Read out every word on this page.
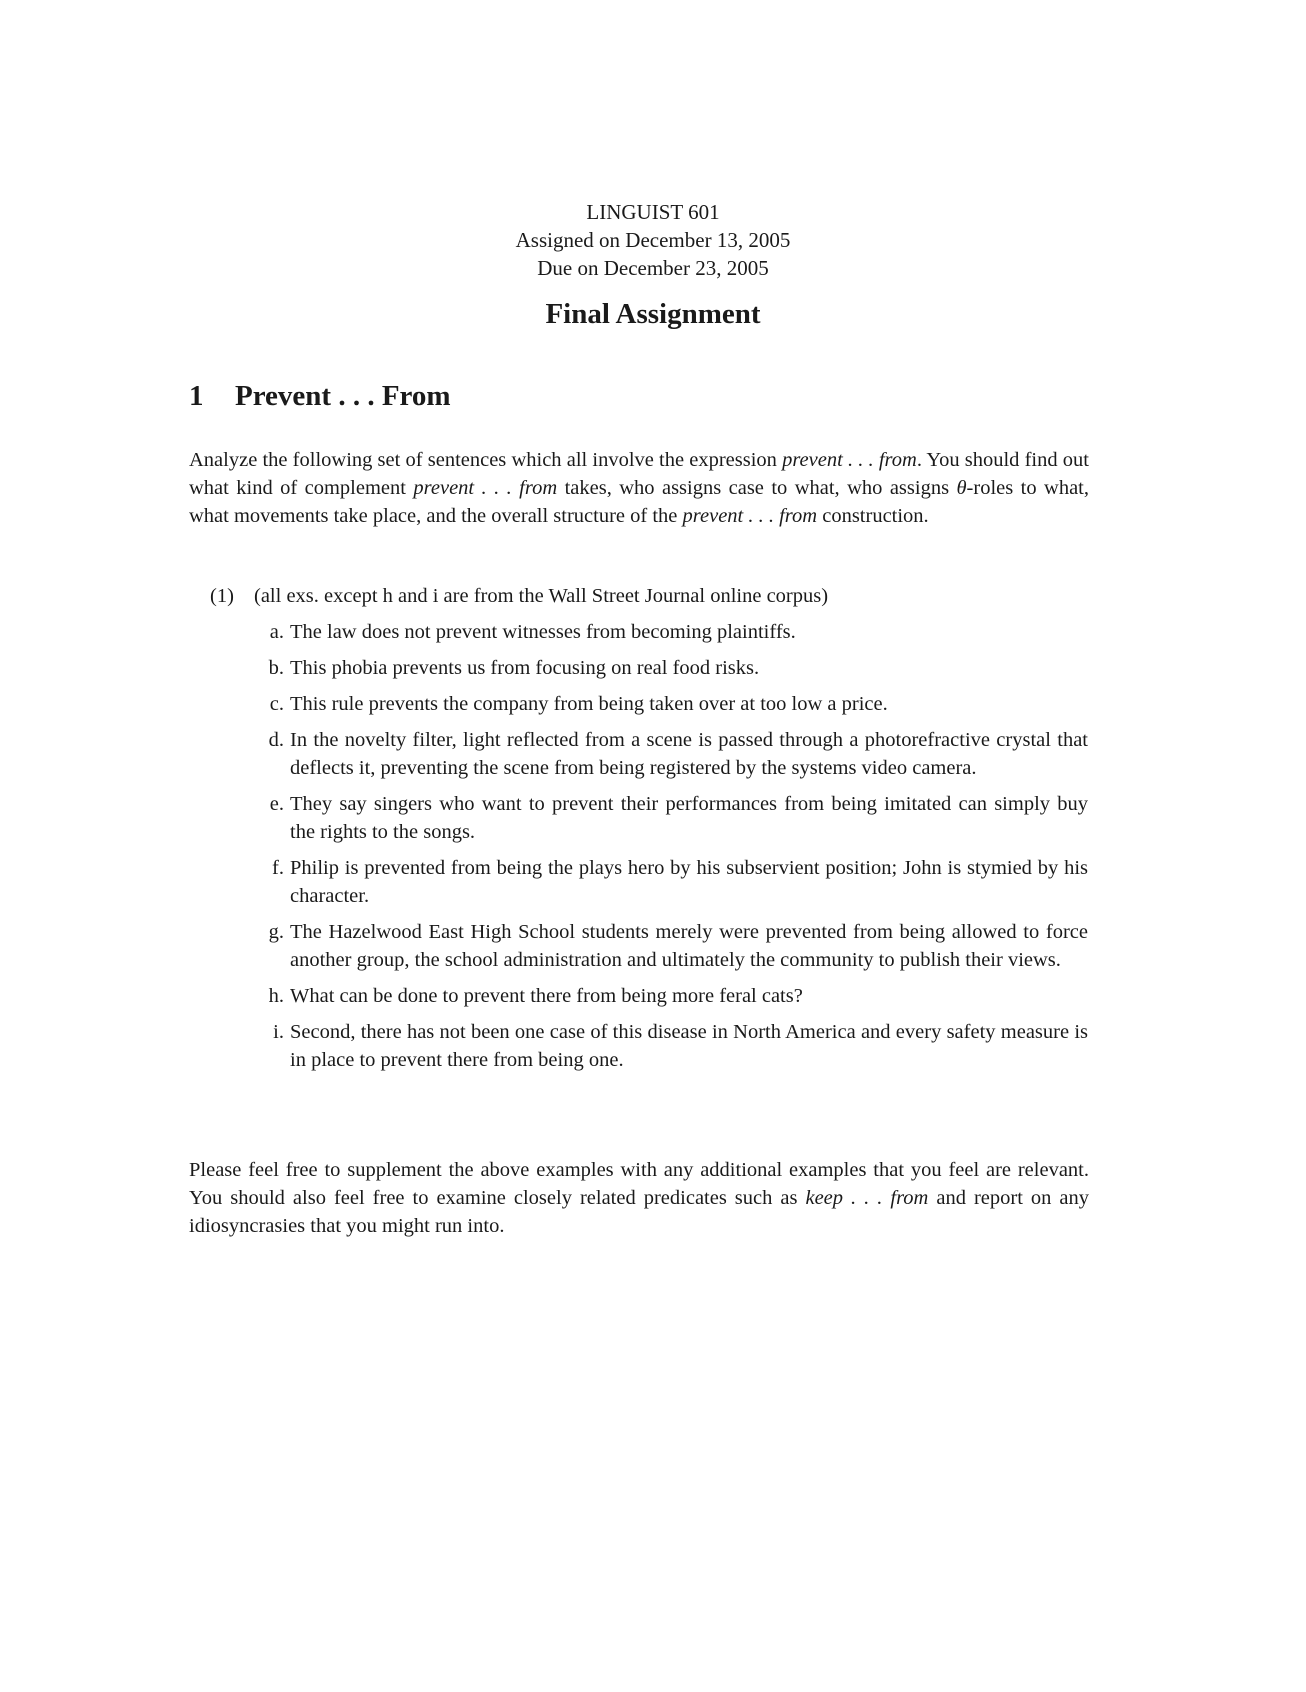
LINGUIST 601
Assigned on December 13, 2005
Due on December 23, 2005
Final Assignment
1 Prevent . . . From
Analyze the following set of sentences which all involve the expression prevent . . . from. You should find out what kind of complement prevent . . . from takes, who assigns case to what, who assigns θ-roles to what, what movements take place, and the overall structure of the prevent . . . from construction.
(1) (all exs. except h and i are from the Wall Street Journal online corpus)
a. The law does not prevent witnesses from becoming plaintiffs.
b. This phobia prevents us from focusing on real food risks.
c. This rule prevents the company from being taken over at too low a price.
d. In the novelty filter, light reflected from a scene is passed through a photorefractive crystal that deflects it, preventing the scene from being registered by the systems video camera.
e. They say singers who want to prevent their performances from being imitated can simply buy the rights to the songs.
f. Philip is prevented from being the plays hero by his subservient position; John is stymied by his character.
g. The Hazelwood East High School students merely were prevented from being allowed to force another group, the school administration and ultimately the community to publish their views.
h. What can be done to prevent there from being more feral cats?
i. Second, there has not been one case of this disease in North America and every safety measure is in place to prevent there from being one.
Please feel free to supplement the above examples with any additional examples that you feel are relevant. You should also feel free to examine closely related predicates such as keep . . . from and report on any idiosyncrasies that you might run into.
